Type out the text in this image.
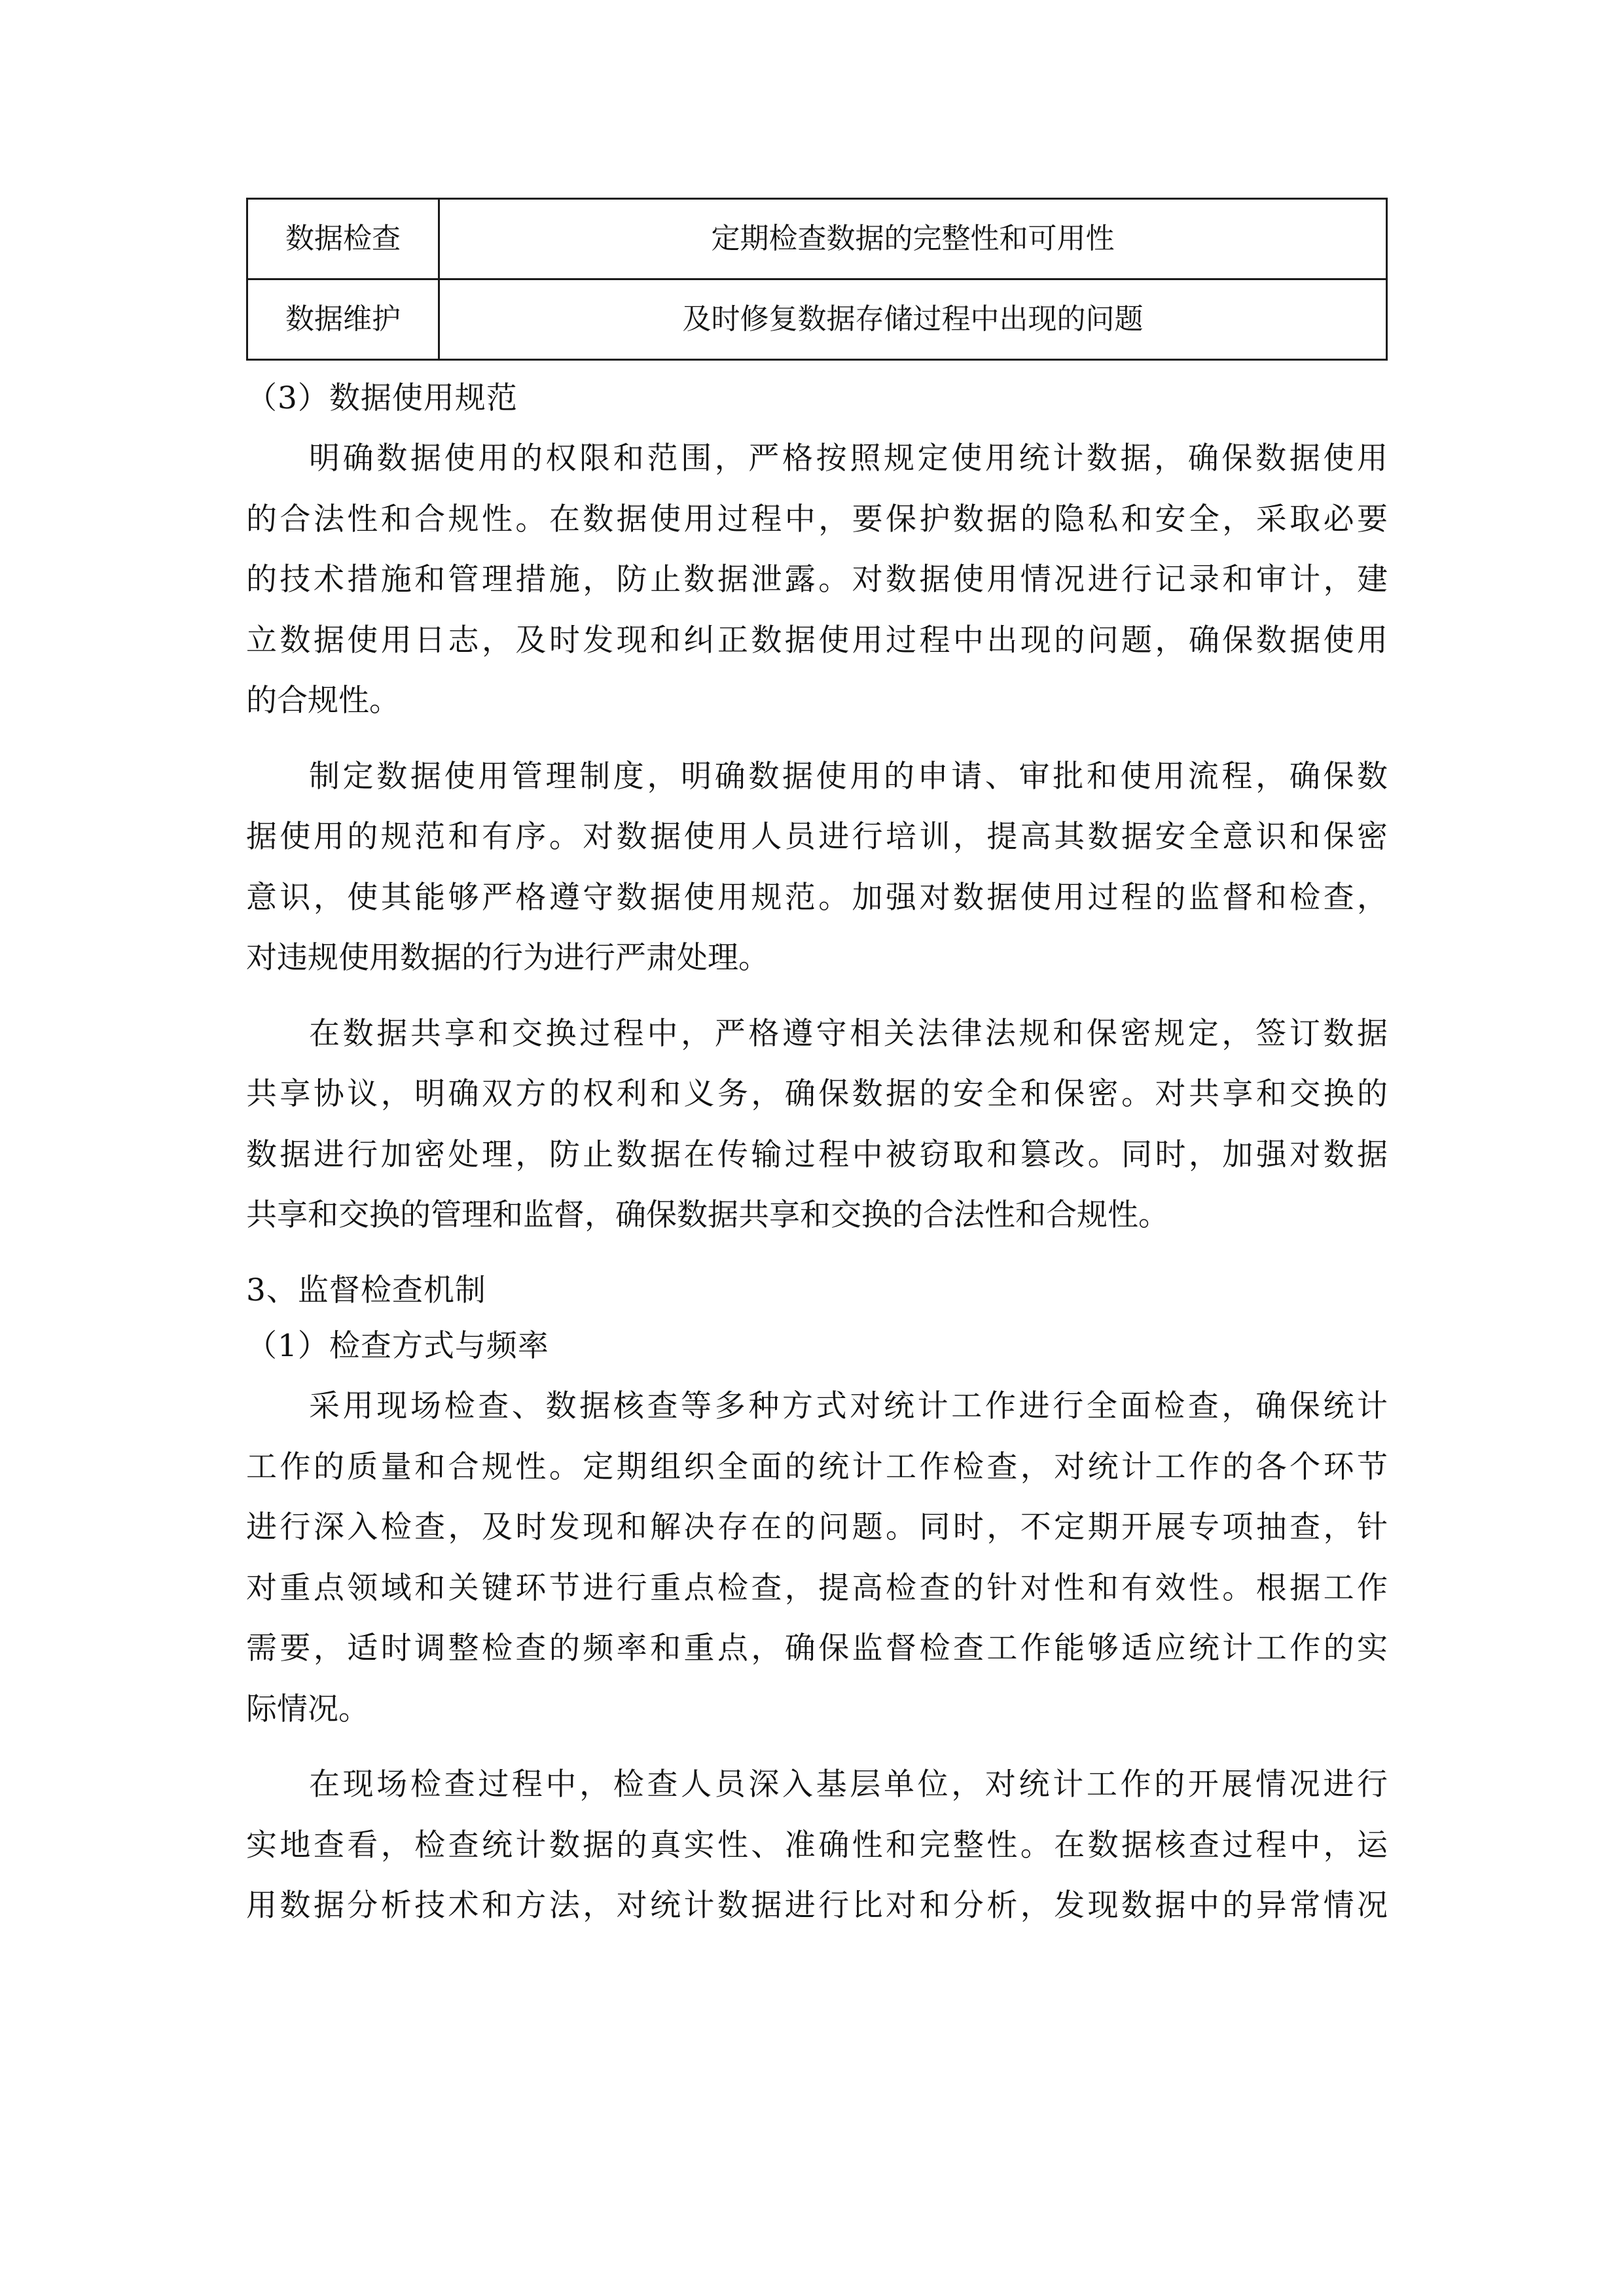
数据检查	定期检查数据的完整性和可用性
数据维护	及时修复数据存储过程中出现的问题
（3）数据使用规范
明确数据使用的权限和范围，严格按照规定使用统计数据，确保数据使用
的合法性和合规性。在数据使用过程中，要保护数据的隐私和安全，采取必要
的技术措施和管理措施，防止数据泄露。对数据使用情况进行记录和审计，建
立数据使用日志，及时发现和纠正数据使用过程中出现的问题，确保数据使用
的合规性。
制定数据使用管理制度，明确数据使用的申请、审批和使用流程，确保数
据使用的规范和有序。对数据使用人员进行培训，提高其数据安全意识和保密
意识，使其能够严格遵守数据使用规范。加强对数据使用过程的监督和检查，
对违规使用数据的行为进行严肃处理。
在数据共享和交换过程中，严格遵守相关法律法规和保密规定，签订数据
共享协议，明确双方的权利和义务，确保数据的安全和保密。对共享和交换的
数据进行加密处理，防止数据在传输过程中被窃取和篡改。同时，加强对数据
共享和交换的管理和监督，确保数据共享和交换的合法性和合规性。
3、监督检查机制
（1）检查方式与频率
采用现场检查、数据核查等多种方式对统计工作进行全面检查，确保统计
工作的质量和合规性。定期组织全面的统计工作检查，对统计工作的各个环节
进行深入检查，及时发现和解决存在的问题。同时，不定期开展专项抽查，针
对重点领域和关键环节进行重点检查，提高检查的针对性和有效性。根据工作
需要，适时调整检查的频率和重点，确保监督检查工作能够适应统计工作的实
际情况。
在现场检查过程中，检查人员深入基层单位，对统计工作的开展情况进行
实地查看，检查统计数据的真实性、准确性和完整性。在数据核查过程中，运
用数据分析技术和方法，对统计数据进行比对和分析，发现数据中的异常情况
